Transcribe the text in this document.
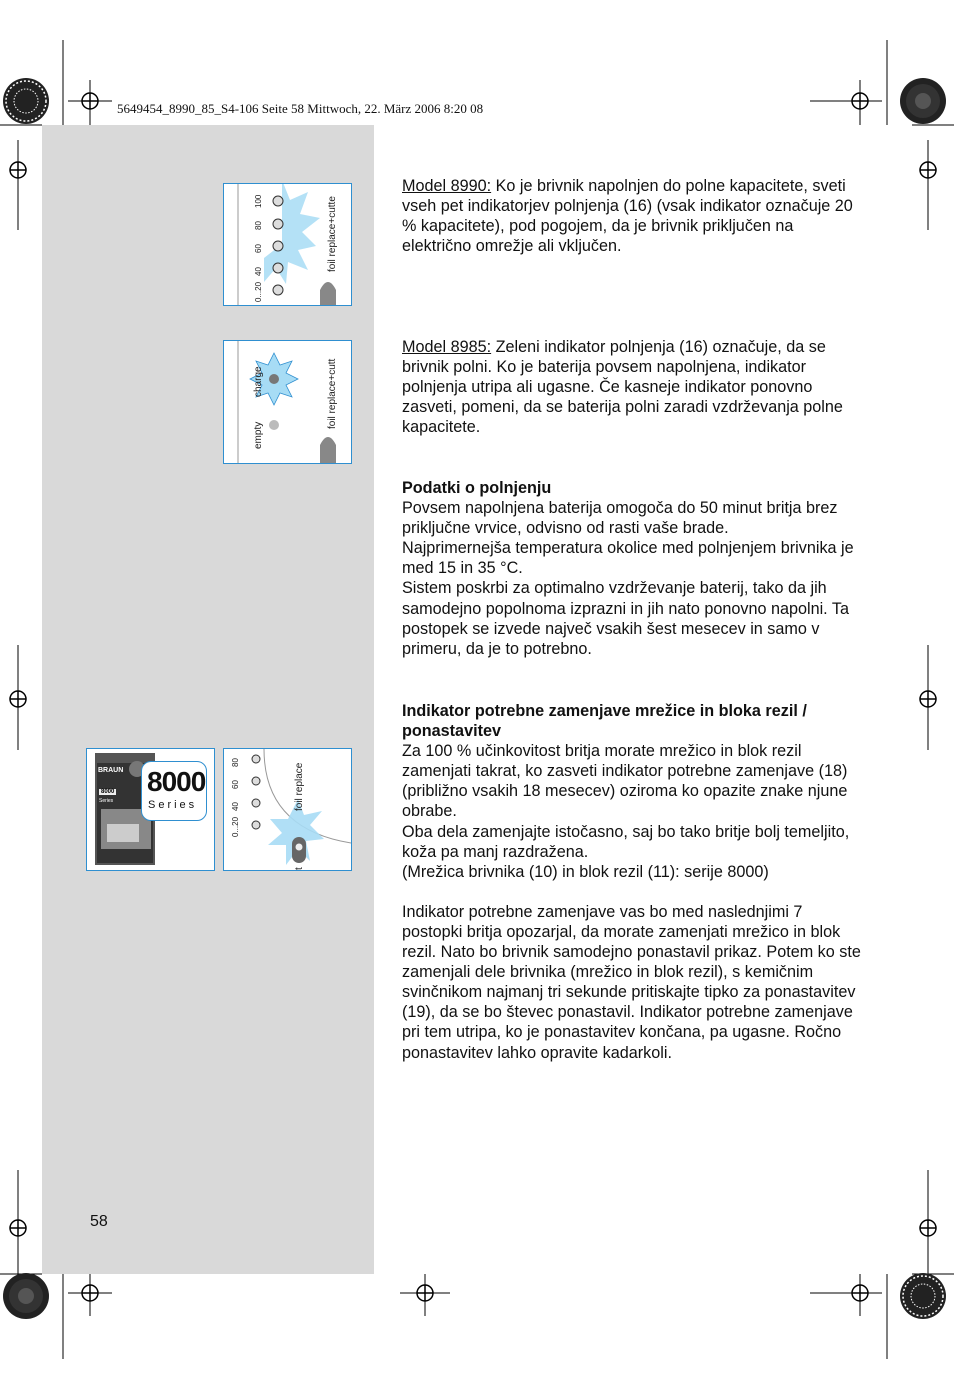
5649454_8990_85_S4-106 Seite 58 Mittwoch, 22. März 2006 8:20 08
0...20
40
60
80
100	foil replace+cutte
empty
charge	foil replace+cutt
BRAUN
8000
Series
8000
Series
0...20
40
60
80
foil replace
t

Model 8990: Ko je brivnik napolnjen do polne kapacitete, sveti vseh pet indikatorjev polnjenja (16) (vsak indikator označuje 20 % kapacitete), pod pogojem, da je brivnik priključen na električno omrežje ali vključen.

Model 8985: Zeleni indikator polnjenja (16) označuje, da se brivnik polni. Ko je baterija povsem napolnjena, indikator polnjenja utripa ali ugasne. Če kasneje indikator ponovno zasveti, pomeni, da se baterija polni zaradi vzdrževanja polne kapacitete.

Podatki o polnjenju

Povsem napolnjena baterija omogoča do 50 minut britja brez priključne vrvice, odvisno od rasti vaše brade.

Najprimernejša temperatura okolice med polnjenjem brivnika je med 15 in 35 °C.

Sistem poskrbi za optimalno vzdrževanje baterij, tako da jih samodejno popolnoma izprazni in jih nato ponovno napolni. Ta postopek se izvede največ vsakih šest mesecev in samo v primeru, da je to potrebno.

Indikator potrebne zamenjave mrežice in bloka rezil / ponastavitev

Za 100 % učinkovitost britja morate mrežico in blok rezil zamenjati takrat, ko zasveti indikator potrebne zamenjave (18) (približno vsakih 18 mesecev) oziroma ko opazite znake njune obrabe.

Oba dela zamenjajte istočasno, saj bo tako britje bolj temeljito, koža pa manj razdražena.

(Mrežica brivnika (10) in blok rezil (11): serije 8000)

Indikator potrebne zamenjave vas bo med naslednjimi 7 postopki britja opozarjal, da morate zamenjati mrežico in blok rezil. Nato bo brivnik samodejno ponastavil prikaz. Potem ko ste zamenjali dele brivnika (mrežico in blok rezil), s kemičnim svinčnikom najmanj tri sekunde pritiskajte tipko za ponastavitev (19), da se bo števec ponastavil. Indikator potrebne zamenjave pri tem utripa, ko je ponastavitev končana, pa ugasne. Ročno ponastavitev lahko opravite kadarkoli.

58
